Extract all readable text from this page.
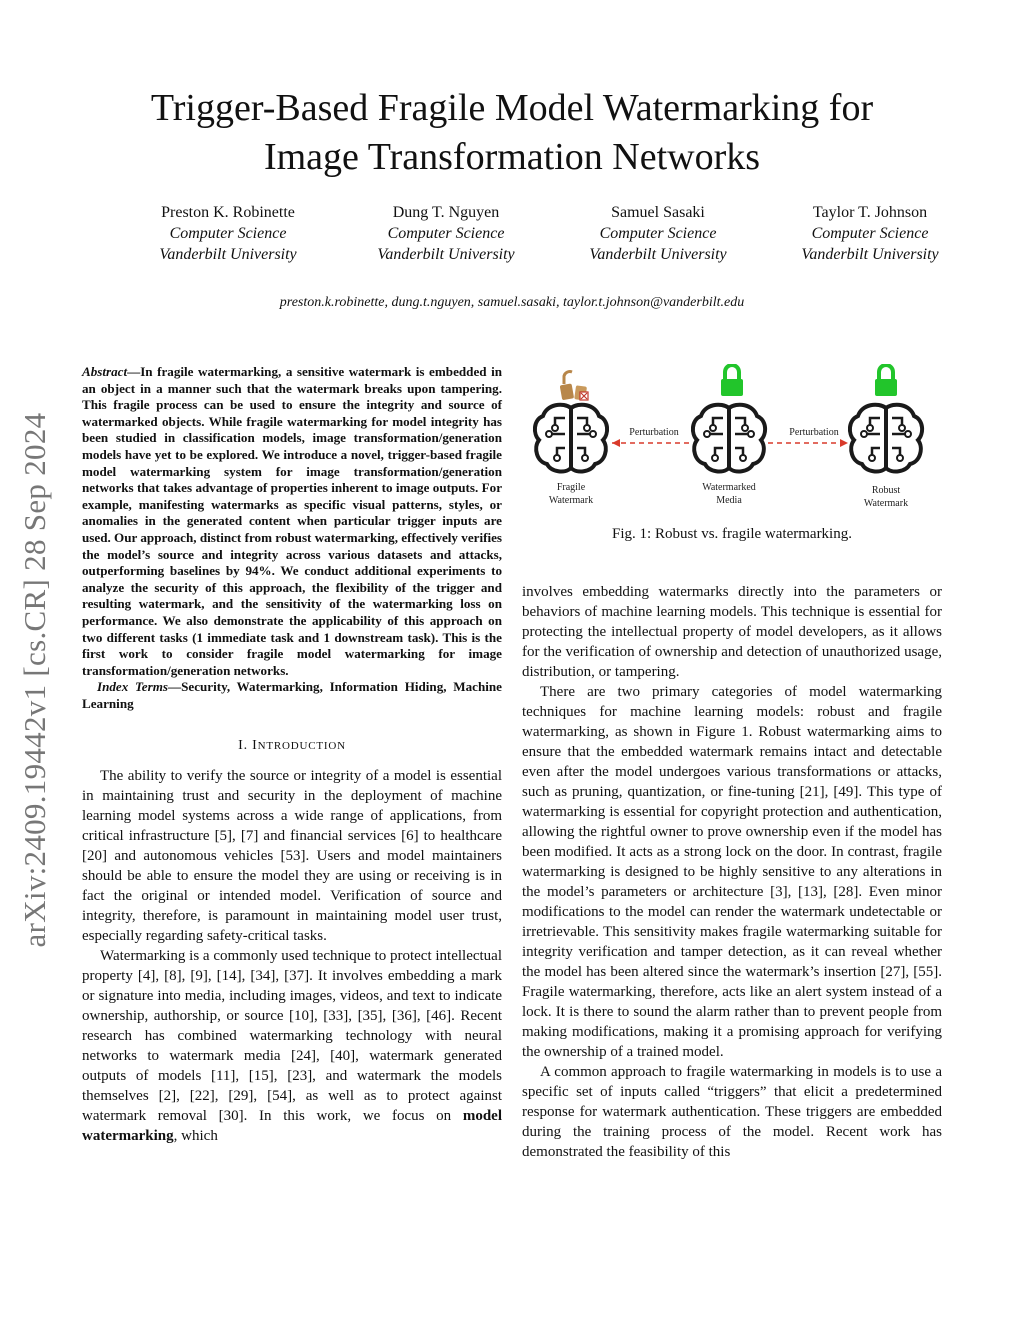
Trigger-Based Fragile Model Watermarking for
Image Transformation Networks
Preston K. Robinette
Computer Science
Vanderbilt University
Dung T. Nguyen
Computer Science
Vanderbilt University
Samuel Sasaki
Computer Science
Vanderbilt University
Taylor T. Johnson
Computer Science
Vanderbilt University
preston.k.robinette, dung.t.nguyen, samuel.sasaki, taylor.t.johnson@vanderbilt.edu
arXiv:2409.19442v1 [cs.CR] 28 Sep 2024

Abstract—In fragile watermarking, a sensitive watermark is embedded in an object in a manner such that the watermark breaks upon tampering. This fragile process can be used to ensure the integrity and source of watermarked objects. While fragile watermarking for model integrity has been studied in classification models, image transformation/generation models have yet to be explored. We introduce a novel, trigger-based fragile model watermarking system for image transformation/generation networks that takes advantage of properties inherent to image outputs. For example, manifesting watermarks as specific visual patterns, styles, or anomalies in the generated content when particular trigger inputs are used. Our approach, distinct from robust watermarking, effectively verifies the model’s source and integrity across various datasets and attacks, outperforming baselines by 94%. We conduct additional experiments to analyze the security of this approach, the flexibility of the trigger and resulting watermark, and the sensitivity of the watermarking loss on performance. We also demonstrate the applicability of this approach on two different tasks (1 immediate task and 1 downstream task). This is the first work to consider fragile model watermarking for image transformation/generation networks.

Index Terms—Security, Watermarking, Information Hiding, Machine Learning

I. INTRODUCTION

The ability to verify the source or integrity of a model is essential in maintaining trust and security in the deployment of machine learning model systems across a wide range of applications, from critical infrastructure [5], [7] and financial services [6] to healthcare [20] and autonomous vehicles [53]. Users and model maintainers should be able to ensure the model they are using or receiving is in fact the original or intended model. Verification of source and integrity, therefore, is paramount in maintaining model user trust, especially regarding safety-critical tasks.

Watermarking is a commonly used technique to protect intellectual property [4], [8], [9], [14], [34], [37]. It involves embedding a mark or signature into media, including images, videos, and text to indicate ownership, authorship, or source [10], [33], [35], [36], [46]. Recent research has combined watermarking technology with neural networks to watermark media [24], [40], watermark generated outputs of models [11], [15], [23], and watermark the models themselves [2], [22], [29], [54], as well as to protect against watermark removal [30]. In this work, we focus on model watermarking, which

Fragile
Watermark
Watermarked
Media
Robust
Watermark
Perturbation	Perturbation
Fig. 1: Robust vs. fragile watermarking.

involves embedding watermarks directly into the parameters or behaviors of machine learning models. This technique is essential for protecting the intellectual property of model developers, as it allows for the verification of ownership and detection of unauthorized usage, distribution, or tampering.

There are two primary categories of model watermarking techniques for machine learning models: robust and fragile watermarking, as shown in Figure 1. Robust watermarking aims to ensure that the embedded watermark remains intact and detectable even after the model undergoes various transformations or attacks, such as pruning, quantization, or fine-tuning [21], [49]. This type of watermarking is essential for copyright protection and authentication, allowing the rightful owner to prove ownership even if the model has been modified. It acts as a strong lock on the door. In contrast, fragile watermarking is designed to be highly sensitive to any alterations in the model’s parameters or architecture [3], [13], [28]. Even minor modifications to the model can render the watermark undetectable or irretrievable. This sensitivity makes fragile watermarking suitable for integrity verification and tamper detection, as it can reveal whether the model has been altered since the watermark’s insertion [27], [55]. Fragile watermarking, therefore, acts like an alert system instead of a lock. It is there to sound the alarm rather than to prevent people from making modifications, making it a promising approach for verifying the ownership of a trained model.

A common approach to fragile watermarking in models is to use a specific set of inputs called “triggers” that elicit a predetermined response for watermark authentication. These triggers are embedded during the training process of the model. Recent work has demonstrated the feasibility of this
